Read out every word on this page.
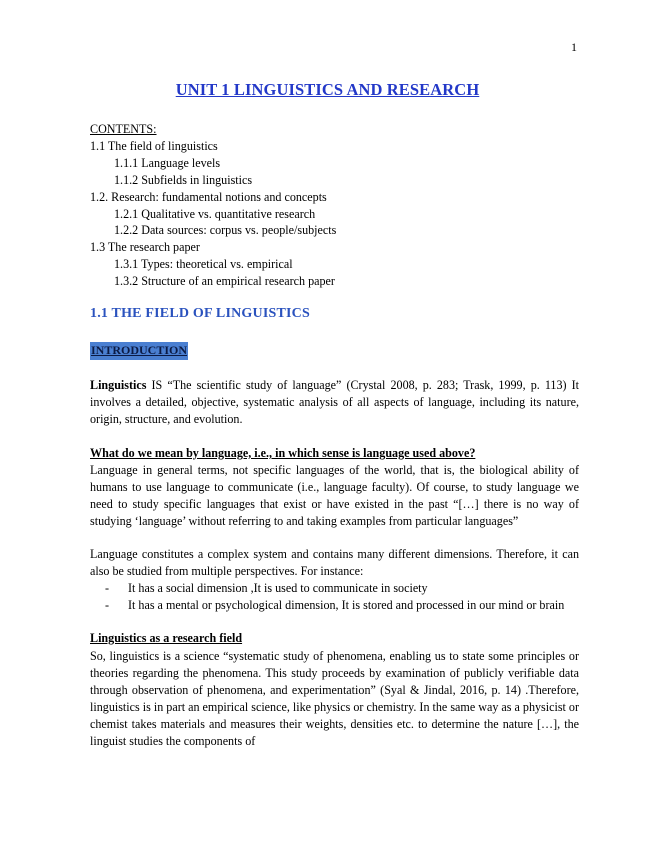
1
UNIT 1 LINGUISTICS AND RESEARCH
CONTENTS:
1.1 The field of linguistics
1.1.1 Language levels
1.1.2 Subfields in linguistics
1.2. Research: fundamental notions and concepts
1.2.1 Qualitative vs. quantitative research
1.2.2 Data sources: corpus vs. people/subjects
1.3 The research paper
1.3.1 Types: theoretical vs. empirical
1.3.2 Structure of an empirical research paper
1.1 THE FIELD OF LINGUISTICS
INTRODUCTION
Linguistics IS “The scientific study of language” (Crystal 2008, p. 283; Trask, 1999, p. 113) It involves a detailed, objective, systematic analysis of all aspects of language, including its nature, origin, structure, and evolution.
What do we mean by language, i.e., in which sense is language used above?
Language in general terms, not specific languages of the world, that is, the biological ability of humans to use language to communicate (i.e., language faculty). Of course, to study language we need to study specific languages that exist or have existed in the past “[…] there is no way of studying ‘language’ without referring to and taking examples from particular languages”
Language constitutes a complex system and contains many different dimensions. Therefore, it can also be studied from multiple perspectives. For instance:
- It has a social dimension ,It is used to communicate in society
- It has a mental or psychological dimension, It is stored and processed in our mind or brain
Linguistics as a research field
So, linguistics is a science “systematic study of phenomena, enabling us to state some principles or theories regarding the phenomena. This study proceeds by examination of publicly verifiable data through observation of phenomena, and experimentation” (Syal & Jindal, 2016, p. 14) .Therefore, linguistics is in part an empirical science, like physics or chemistry. In the same way as a physicist or chemist takes materials and measures their weights, densities etc. to determine the nature […], the linguist studies the components of
